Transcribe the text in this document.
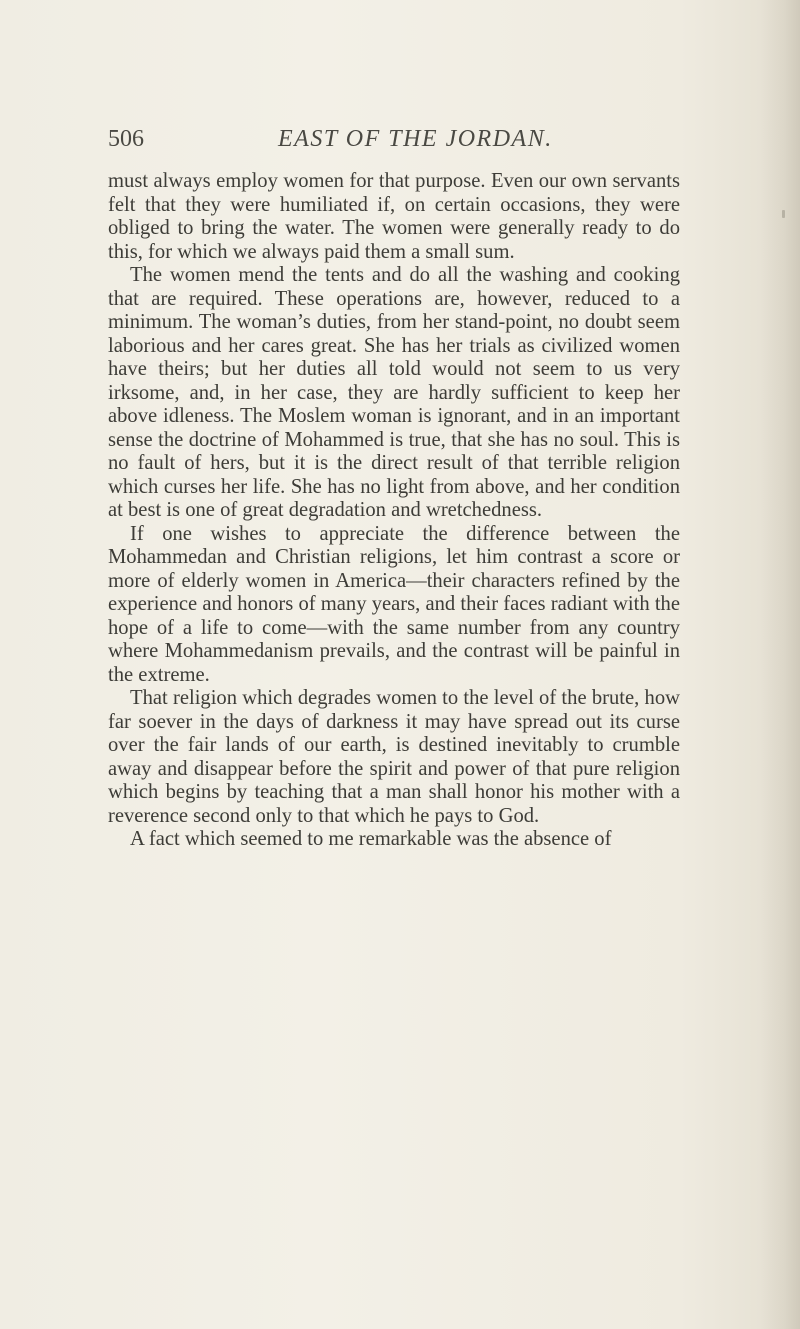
506	EAST OF THE JORDAN.

must always employ women for that purpose. Even our own servants felt that they were humiliated if, on certain occasions, they were obliged to bring the water. The women were generally ready to do this, for which we always paid them a small sum.

The women mend the tents and do all the washing and cooking that are required. These operations are, however, reduced to a minimum. The woman’s duties, from her stand-point, no doubt seem laborious and her cares great. She has her trials as civilized women have theirs; but her duties all told would not seem to us very irksome, and, in her case, they are hardly sufficient to keep her above idleness. The Moslem woman is ignorant, and in an important sense the doctrine of Mohammed is true, that she has no soul. This is no fault of hers, but it is the direct result of that terrible religion which curses her life. She has no light from above, and her condition at best is one of great degradation and wretchedness.

If one wishes to appreciate the difference between the Mohammedan and Christian religions, let him contrast a score or more of elderly women in America—their characters refined by the experience and honors of many years, and their faces radiant with the hope of a life to come—with the same number from any country where Mohammedanism prevails, and the contrast will be painful in the extreme.

That religion which degrades women to the level of the brute, how far soever in the days of darkness it may have spread out its curse over the fair lands of our earth, is destined inevitably to crumble away and disappear before the spirit and power of that pure religion which begins by teaching that a man shall honor his mother with a reverence second only to that which he pays to God.

A fact which seemed to me remarkable was the absence of
